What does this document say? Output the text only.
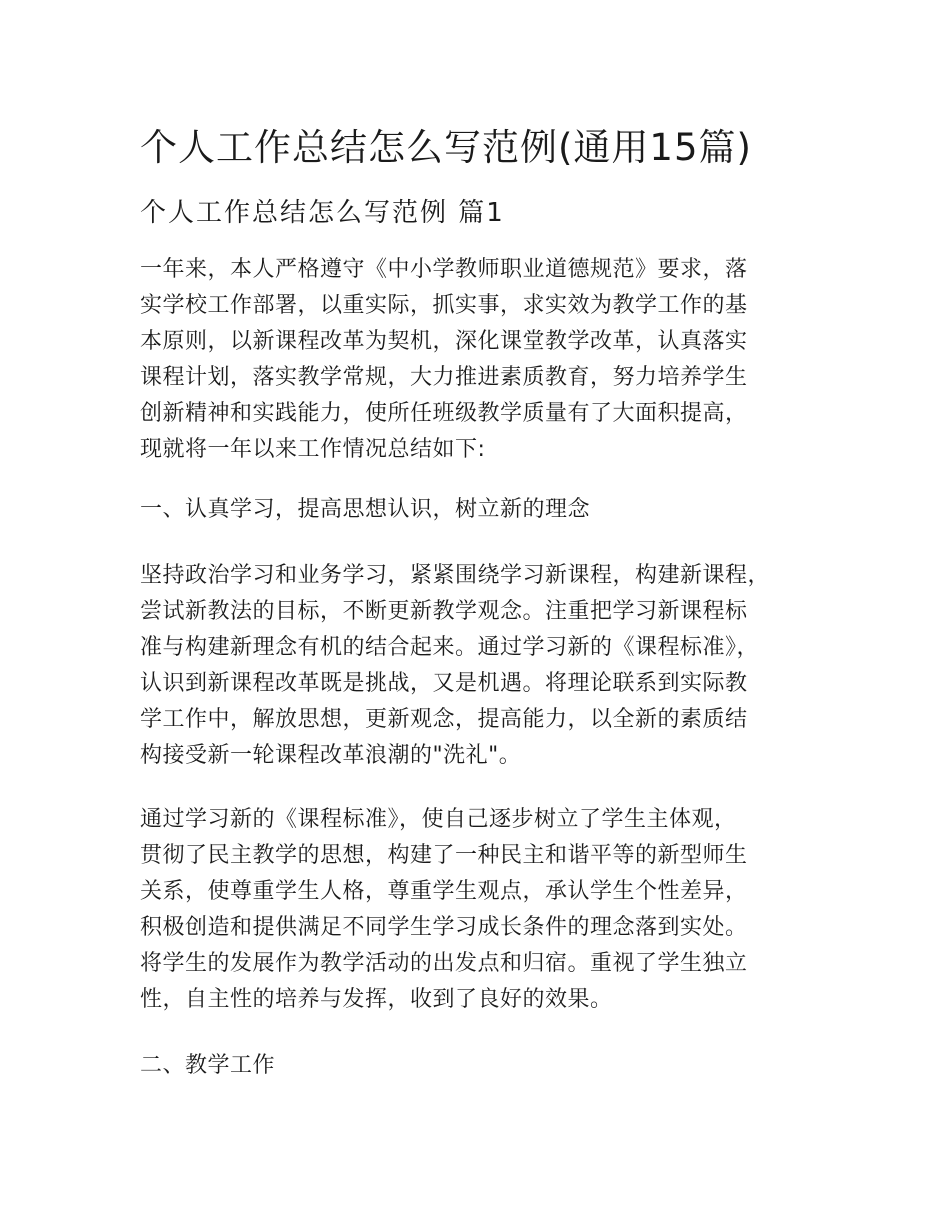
个人工作总结怎么写范例(通用15篇)
个人工作总结怎么写范例 篇1

一年来，本人严格遵守《中小学教师职业道德规范》要求，落
实学校工作部署，以重实际，抓实事，求实效为教学工作的基
本原则，以新课程改革为契机，深化课堂教学改革，认真落实
课程计划，落实教学常规，大力推进素质教育，努力培养学生
创新精神和实践能力，使所任班级教学质量有了大面积提高，
现就将一年以来工作情况总结如下:

一、认真学习，提高思想认识，树立新的理念

坚持政治学习和业务学习，紧紧围绕学习新课程，构建新课程，
尝试新教法的目标，不断更新教学观念。注重把学习新课程标
准与构建新理念有机的结合起来。通过学习新的《课程标准》，
认识到新课程改革既是挑战，又是机遇。将理论联系到实际教
学工作中，解放思想，更新观念，提高能力，以全新的素质结
构接受新一轮课程改革浪潮的"洗礼"。

通过学习新的《课程标准》，使自己逐步树立了学生主体观，
贯彻了民主教学的思想，构建了一种民主和谐平等的新型师生
关系，使尊重学生人格，尊重学生观点，承认学生个性差异，
积极创造和提供满足不同学生学习成长条件的理念落到实处。
将学生的发展作为教学活动的出发点和归宿。重视了学生独立
性，自主性的培养与发挥，收到了良好的效果。

二、教学工作
